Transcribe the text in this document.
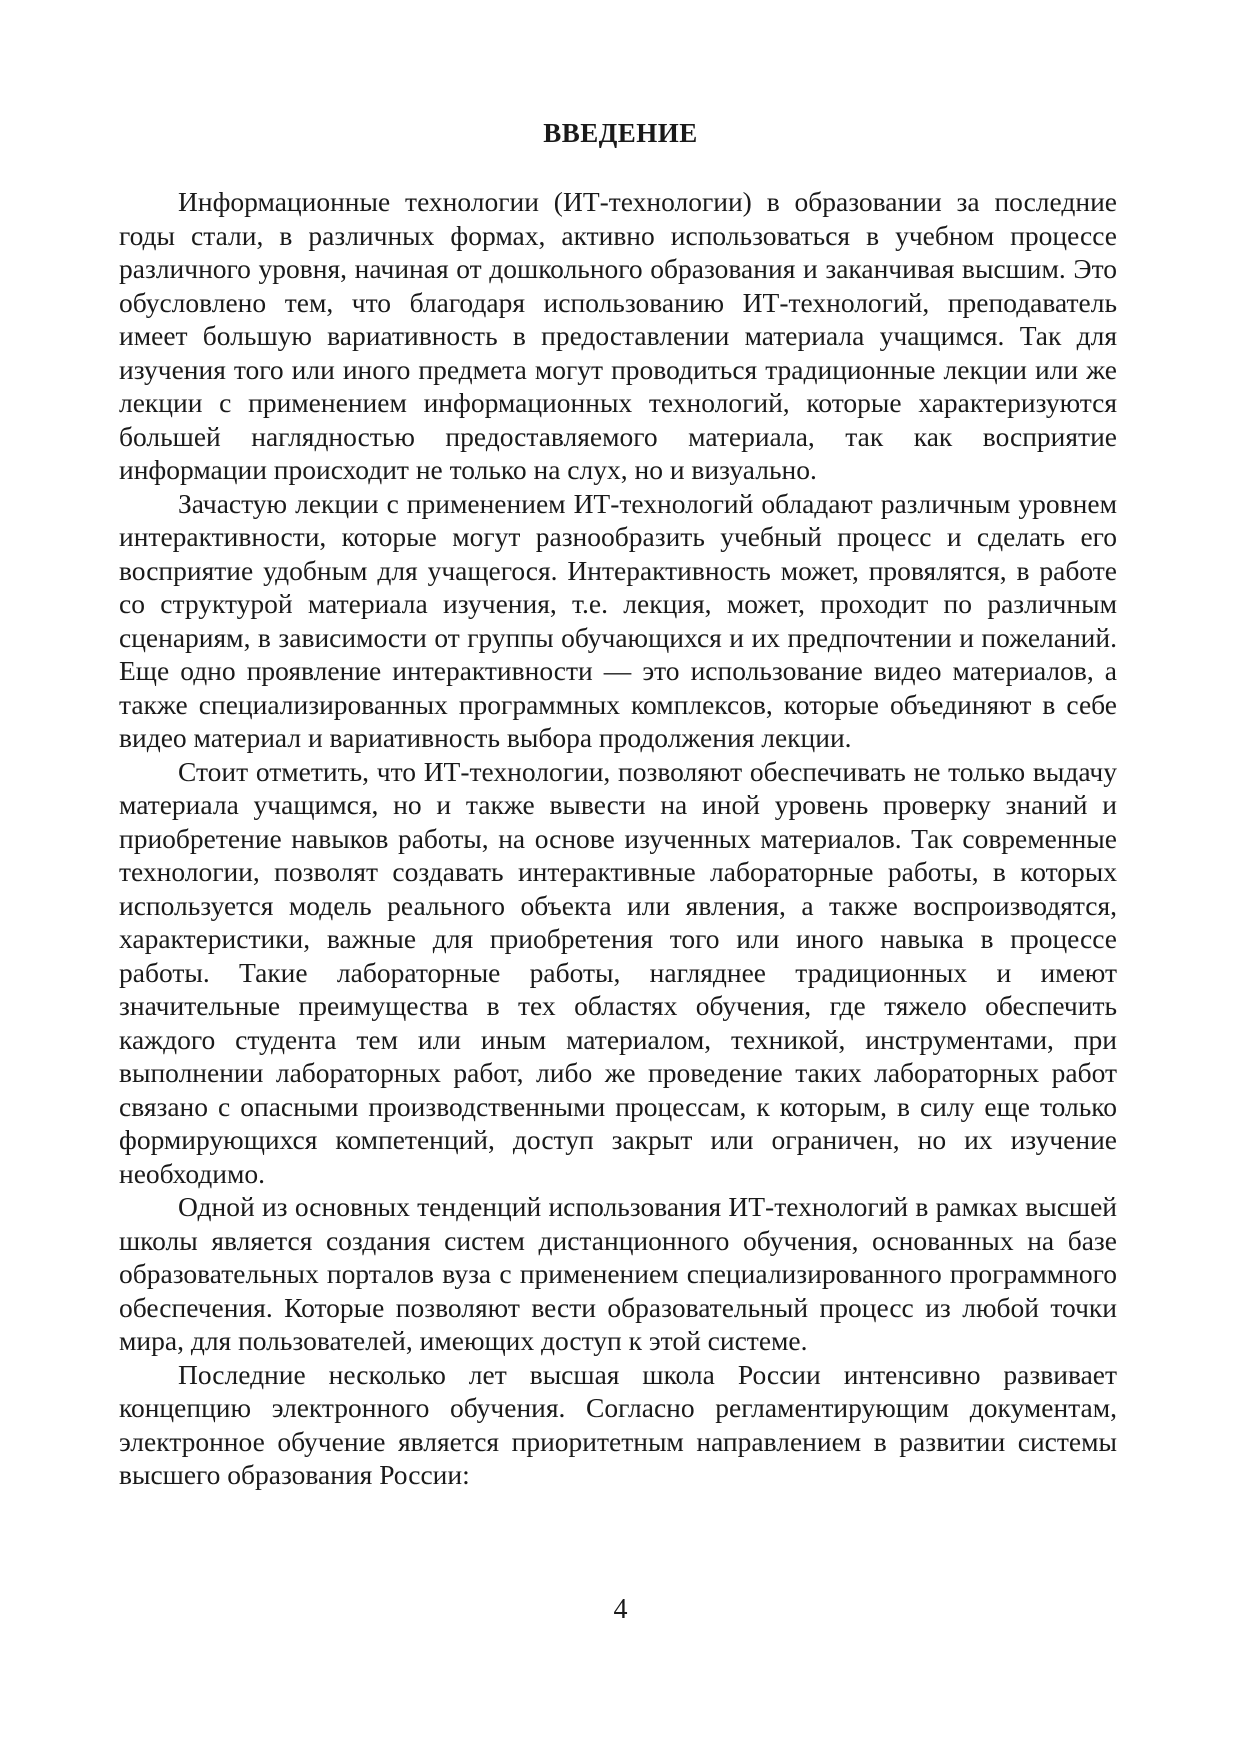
ВВЕДЕНИЕ

Информационные технологии (ИТ-технологии) в образовании за последние годы стали, в различных формах, активно использоваться в учебном процессе различного уровня, начиная от дошкольного образования и заканчивая высшим. Это обусловлено тем, что благодаря использованию ИТ-технологий, преподаватель имеет большую вариативность в предоставлении материала учащимся. Так для изучения того или иного предмета могут проводиться традиционные лекции или же лекции с применением информационных технологий, которые характеризуются большей наглядностью предоставляемого материала, так как восприятие информации происходит не только на слух, но и визуально.

Зачастую лекции с применением ИТ-технологий обладают различным уровнем интерактивности, которые могут разнообразить учебный процесс и сделать его восприятие удобным для учащегося. Интерактивность может, провялятся, в работе со структурой материала изучения, т.е. лекция, может, проходит по различным сценариям, в зависимости от группы обучающихся и их предпочтении и пожеланий. Еще одно проявление интерактивности — это использование видео материалов, а также специализированных программных комплексов, которые объединяют в себе видео материал и вариативность выбора продолжения лекции.

Стоит отметить, что ИТ-технологии, позволяют обеспечивать не только выдачу материала учащимся, но и также вывести на иной уровень проверку знаний и приобретение навыков работы, на основе изученных материалов. Так современные технологии, позволят создавать интерактивные лабораторные работы, в которых используется модель реального объекта или явления, а также воспроизводятся, характеристики, важные для приобретения того или иного навыка в процессе работы. Такие лабораторные работы, нагляднее традиционных и имеют значительные преимущества в тех областях обучения, где тяжело обеспечить каждого студента тем или иным материалом, техникой, инструментами, при выполнении лабораторных работ, либо же проведение таких лабораторных работ связано с опасными производственными процессам, к которым, в силу еще только формирующихся компетенций, доступ закрыт или ограничен, но их изучение необходимо.

Одной из основных тенденций использования ИТ-технологий в рамках высшей школы является создания систем дистанционного обучения, основанных на базе образовательных порталов вуза с применением специализированного программного обеспечения. Которые позволяют вести образовательный процесс из любой точки мира, для пользователей, имеющих доступ к этой системе.

Последние несколько лет высшая школа России интенсивно развивает концепцию электронного обучения. Согласно регламентирующим документам, электронное обучение является приоритетным направлением в развитии системы высшего образования России:

4
